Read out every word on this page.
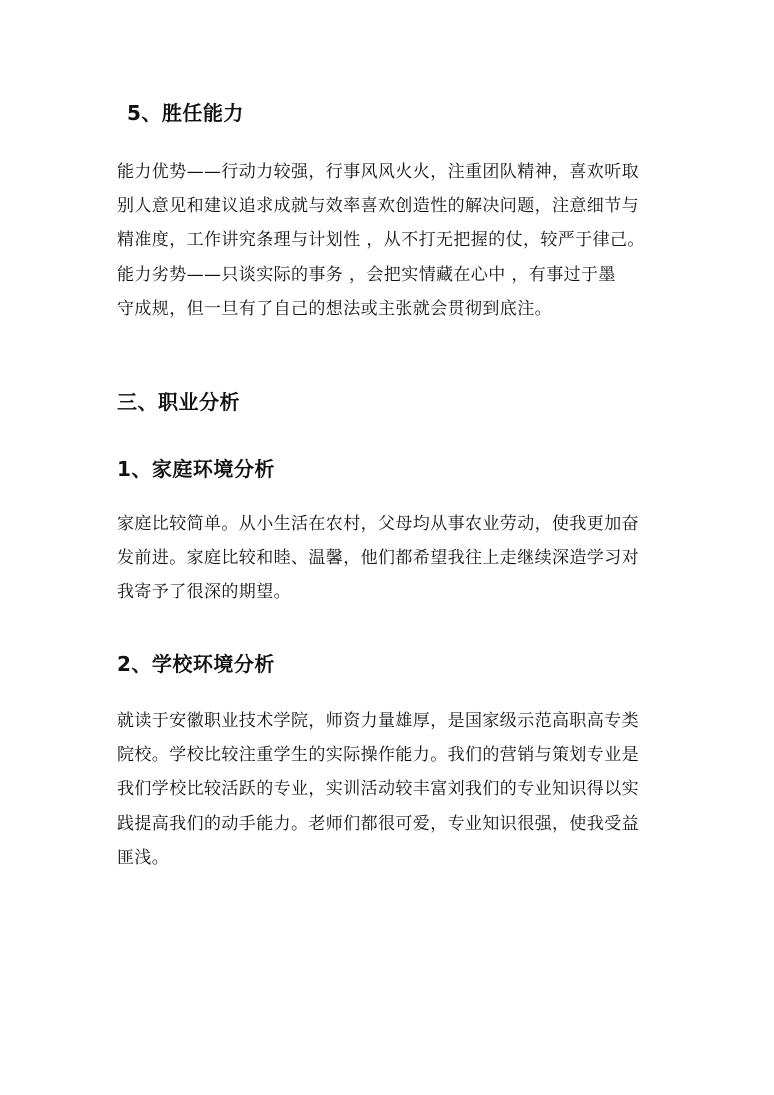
5、胜任能力
能力优势——行动力较强，行事风风火火，注重团队精神，喜欢听取
别人意见和建议追求成就与效率喜欢创造性的解决问题，注意细节与
精准度，工作讲究条理与计划性 ，从不打无把握的仗，较严于律己。
能力劣势——只谈实际的事务 ，会把实情藏在心中 ，有事过于墨
守成规，但一旦有了自己的想法或主张就会贯彻到底注。
三、职业分析
1、家庭环境分析
家庭比较简单。从小生活在农村，父母均从事农业劳动，使我更加奋
发前进。家庭比较和睦、温馨，他们都希望我往上走继续深造学习对
我寄予了很深的期望。
2、学校环境分析
就读于安徽职业技术学院，师资力量雄厚，是国家级示范高职高专类
院校。学校比较注重学生的实际操作能力。我们的营销与策划专业是
我们学校比较活跃的专业，实训活动较丰富刘我们的专业知识得以实
践提高我们的动手能力。老师们都很可爱，专业知识很强，使我受益
匪浅。
